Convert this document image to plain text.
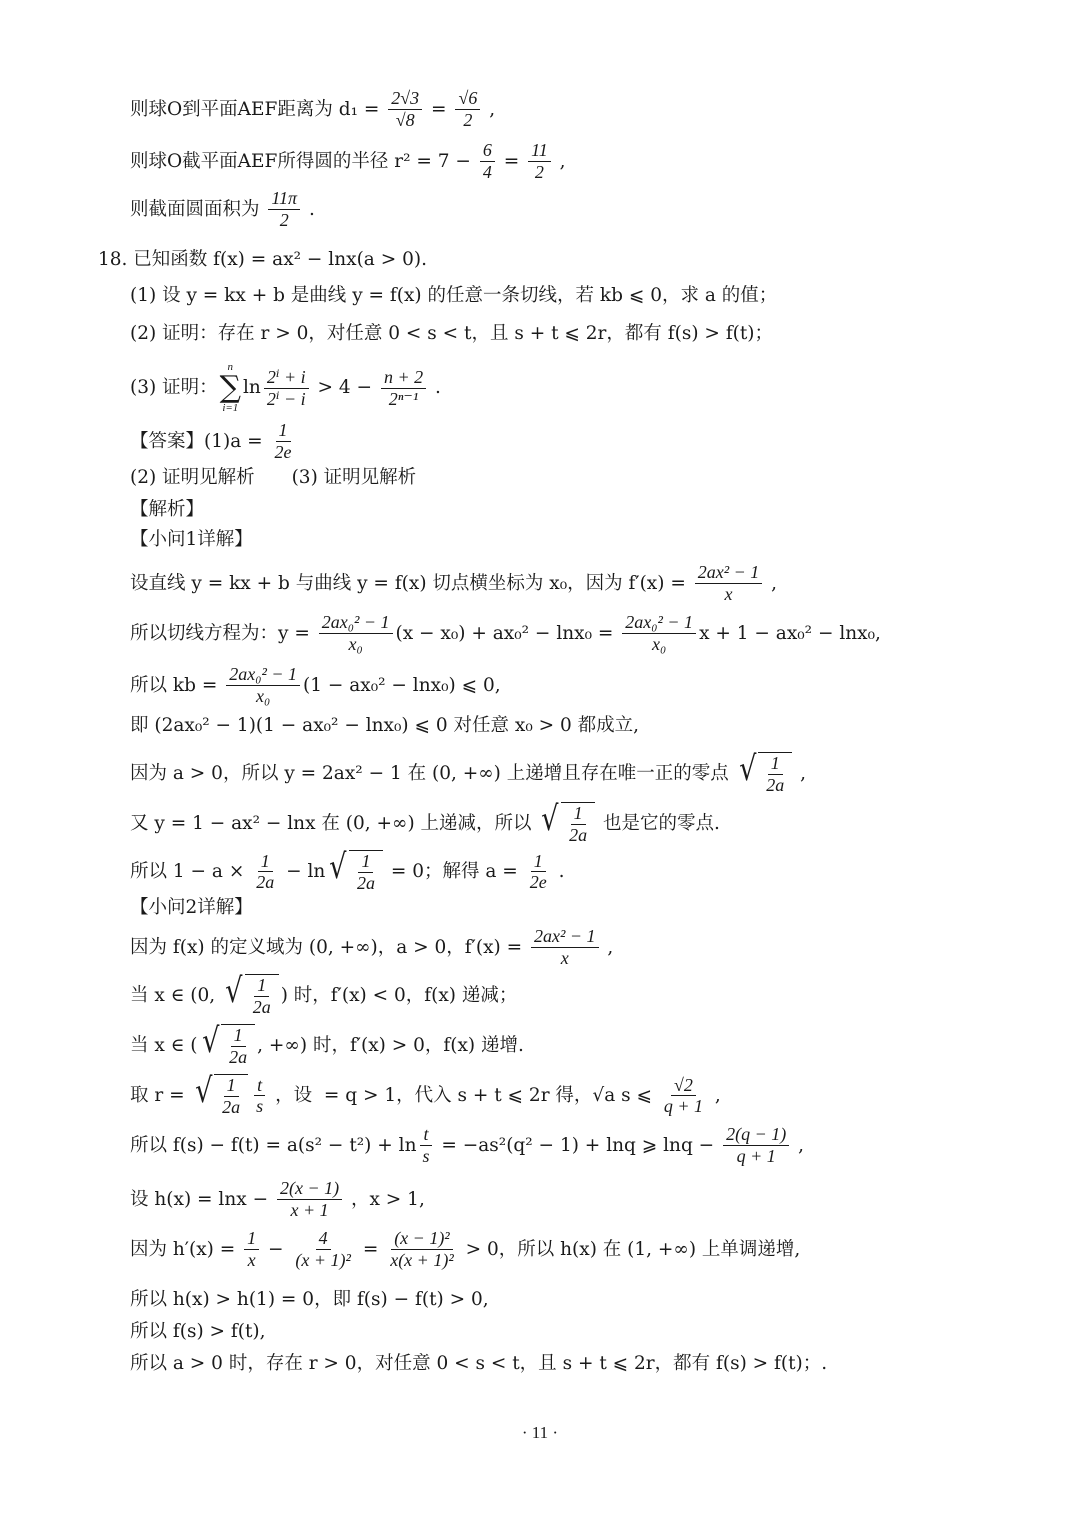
则球O到平面AEF距离为 $d_1 = \frac{2√3}{√8} = \frac{√6}{2}$ ,
则球O截平面AEF所得圆的半径 $r^2 = 7 - \frac{6}{4} = \frac{11}{2}$ ,
则截面圆面积为 $\frac{11\pi}{2}$ .
18. 已知函数 f(x) = ax² − lnx(a > 0).
(1) 设 y = kx + b 是曲线 y = f(x) 的任意一条切线，若 kb ⩽ 0，求 a 的值；
(2) 证明：存在 r > 0，对任意 0 < s < t，且 s + t ⩽ 2r，都有 f(s) > f(t)；
(3) 证明：
n
∑
i=1
$\ln \frac{\text{2ⁱ + i}}{\text{2ⁱ − i}} > 4 - \frac{n + 2}{\text{2ⁿ⁻¹}}$ .
【答案】$(1)a = \frac{1}{2e}$
(2) 证明见解析　　(3) 证明见解析
【解析】
【小问1详解】
设直线 y = kx + b 与曲线 y = f(x) 切点横坐标为 x₀，因为 $f'(x) = \frac{\text{2ax² − 1}}{x}$ ,
所以切线方程为：$y = \frac{\text{2ax₀² − 1}}{\text{x₀}} (x - x_0) + ax_0^2 - \ln x_0 = \frac{\text{2ax₀² − 1}}{\text{x₀}}$ x + 1 − ax₀² − lnx₀,
所以 kb = $\frac{\text{2ax₀² − 1}}{\text{x₀}} (1 - ax_0^2 - \ln x_0)$ ⩽ 0,
即 (2ax₀² − 1)(1 − ax₀² − lnx₀) ⩽ 0 对任意 x₀ > 0 都成立,
因为 a > 0，所以 y = 2ax² − 1 在 (0, +∞) 上递增且存在唯一正的零点 √ $\frac{1}{2a}$ ,
又 y = 1 − ax² − lnx 在 (0, +∞) 上递减，所以 √ $\frac{1}{2a}$ 也是它的零点.
所以 $1 - a \times \frac{1}{2a} - \ln$ √ $\frac{1}{2a} = 0$；解得 $a = \frac{1}{2e}$ .
【小问2详解】
因为 f(x) 的定义域为 (0, +∞)，a > 0，$f'(x) = \frac{\text{2ax² − 1}}{x}$ ,
当 x ∈ (0, √ $\frac{1}{2a}$ ) 时，f′(x) < 0，f(x) 递减；
当 x ∈ ( √ $\frac{1}{2a}$ , +∞) 时，f′(x) > 0，f(x) 递增.
取 r = √ $\frac{1}{2a} \frac{t}{s}$ ，设 = q > 1，代入 s + t ⩽ 2r 得，√a s ⩽ $\frac{√2}{q + 1}$ ,
所以 $f(s) - f(t) = a(s^2 - t^2) + \ln \frac{t}{s} = -as^2(q^2 - 1) + \ln q$ ⩾ $\ln q - \frac{2(q - 1)}{q + 1}$ ,
设 $h(x) = \ln x - \frac{2(x - 1)}{x + 1}$ ，x > 1,
因为 $h'(x) = \frac{1}{x} - \frac{4}{\text{(x + 1)²}} = \frac{\text{(x − 1)²}}{\text{x(x + 1)²}} > 0$，所以 h(x) 在 (1, +∞) 上单调递增,
所以 h(x) > h(1) = 0，即 f(s) − f(t) > 0,
所以 f(s) > f(t),
所以 a > 0 时，存在 r > 0，对任意 0 < s < t，且 s + t ⩽ 2r，都有 f(s) > f(t)；.
· 11 ·
